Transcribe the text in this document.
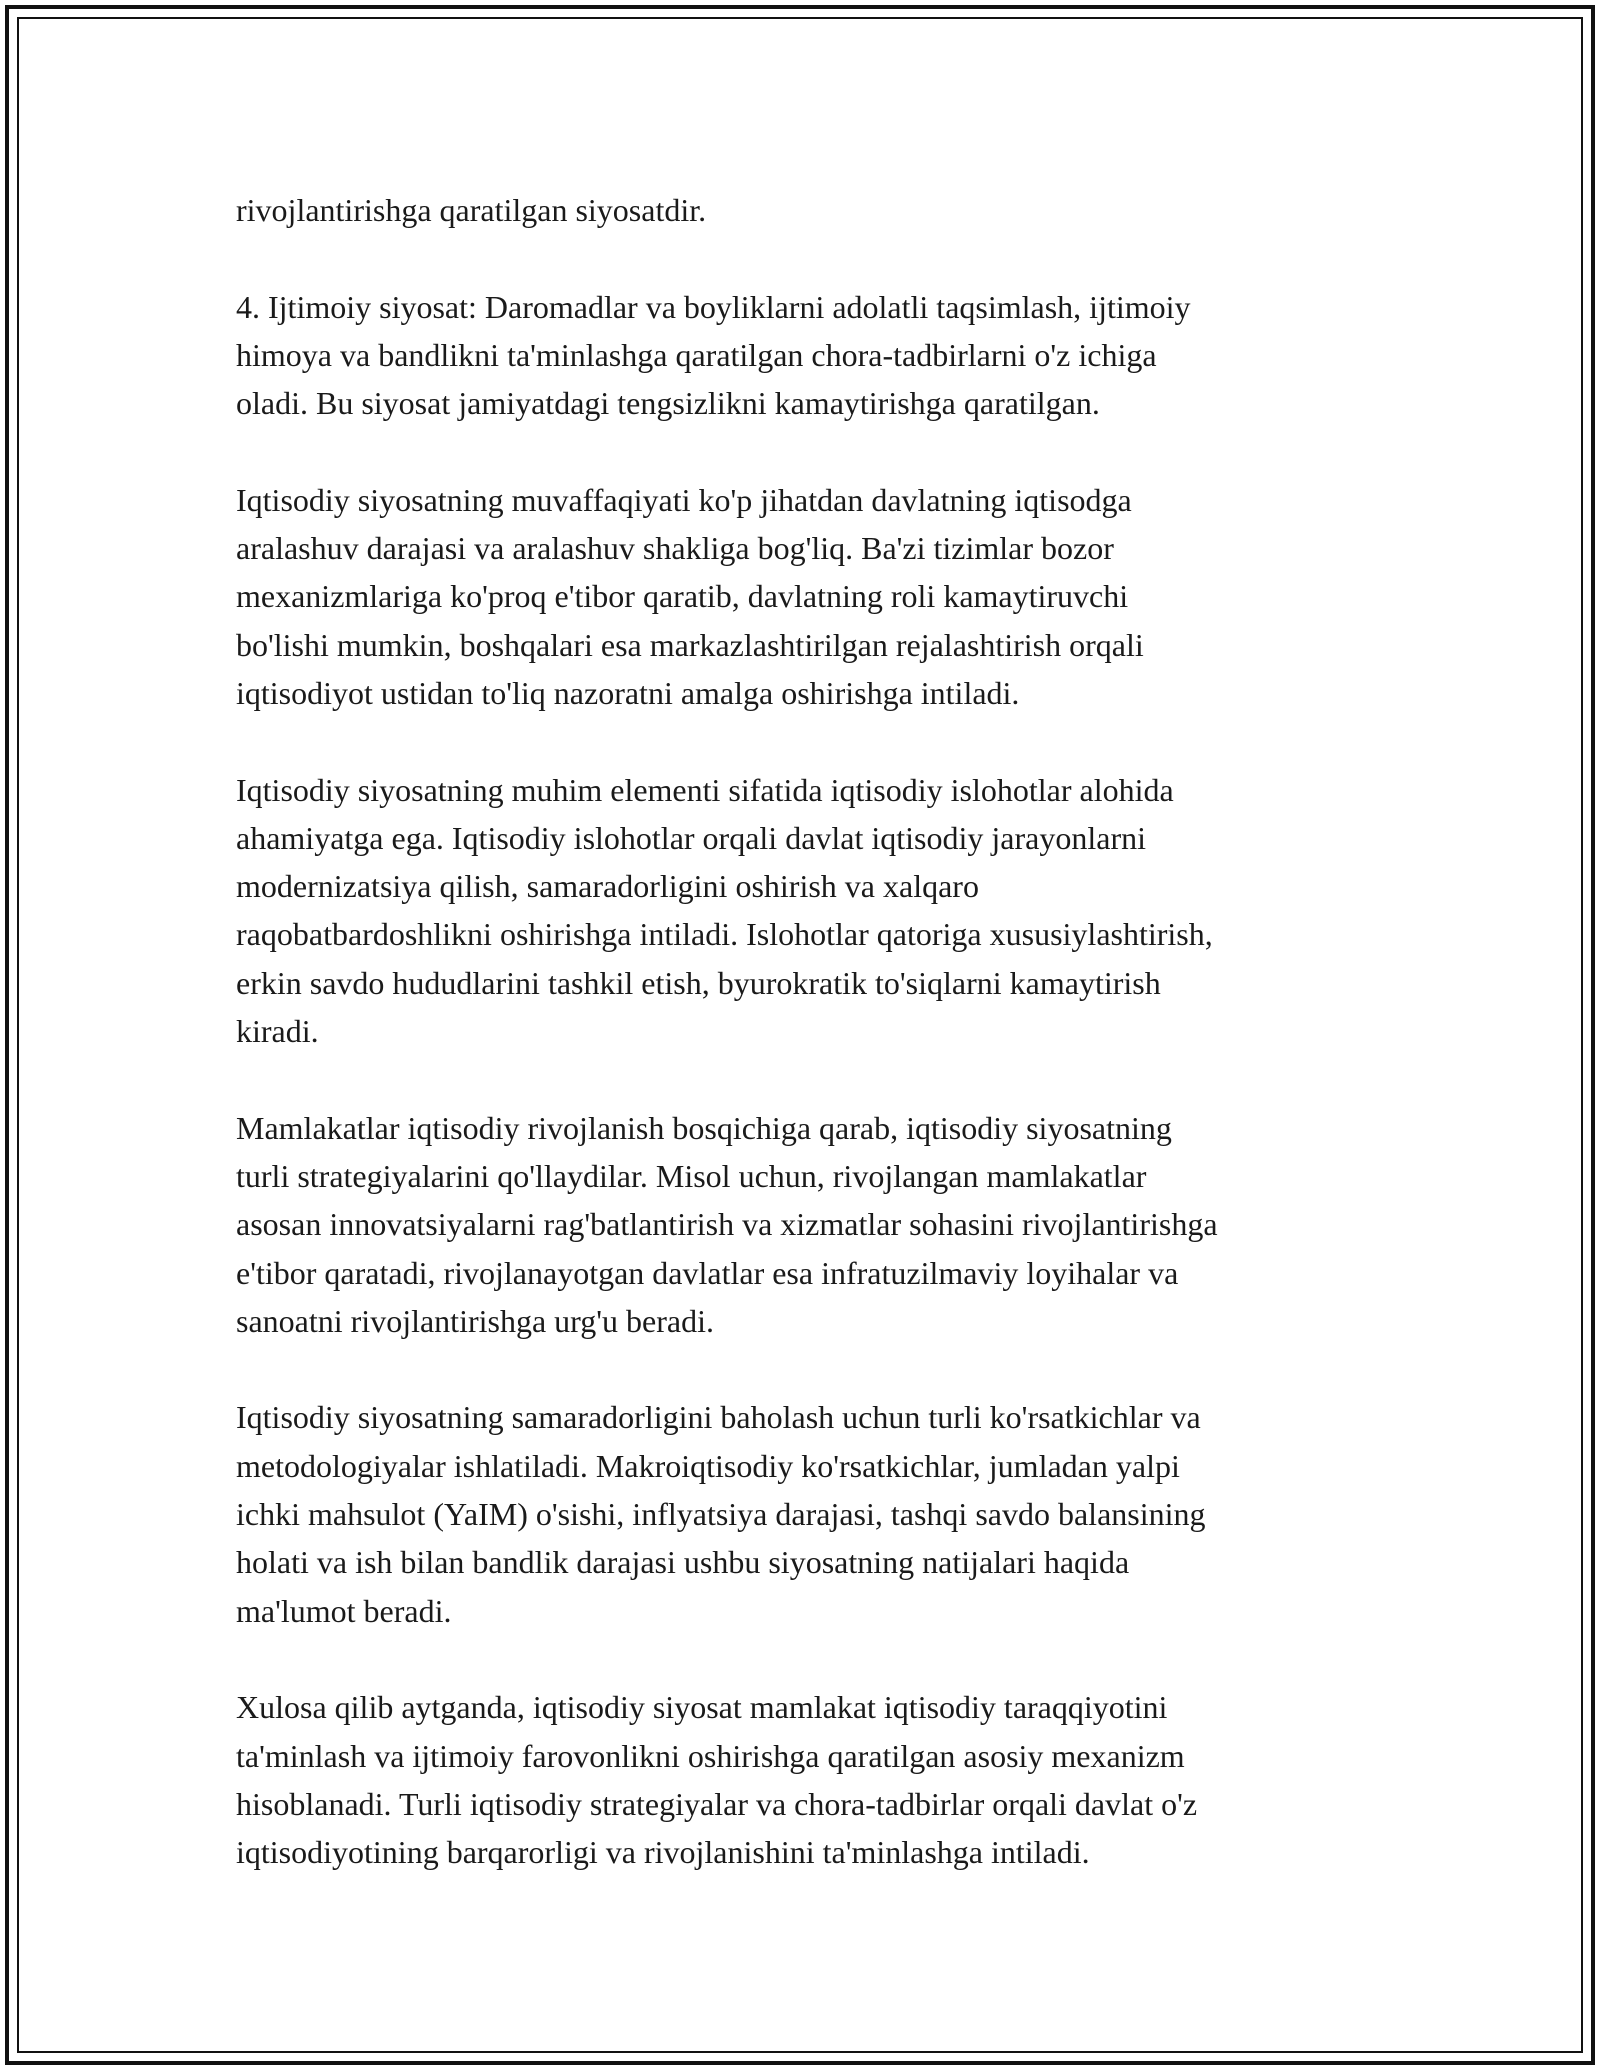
rivojlantirishga qaratilgan siyosatdir.

4. Ijtimoiy siyosat: Daromadlar va boyliklarni adolatli taqsimlash, ijtimoiy
himoya va bandlikni ta'minlashga qaratilgan chora-tadbirlarni o'z ichiga
oladi. Bu siyosat jamiyatdagi tengsizlikni kamaytirishga qaratilgan.

Iqtisodiy siyosatning muvaffaqiyati ko'p jihatdan davlatning iqtisodga
aralashuv darajasi va aralashuv shakliga bog'liq. Ba'zi tizimlar bozor
mexanizmlariga ko'proq e'tibor qaratib, davlatning roli kamaytiruvchi
bo'lishi mumkin, boshqalari esa markazlashtirilgan rejalashtirish orqali
iqtisodiyot ustidan to'liq nazoratni amalga oshirishga intiladi.

Iqtisodiy siyosatning muhim elementi sifatida iqtisodiy islohotlar alohida
ahamiyatga ega. Iqtisodiy islohotlar orqali davlat iqtisodiy jarayonlarni
modernizatsiya qilish, samaradorligini oshirish va xalqaro
raqobatbardoshlikni oshirishga intiladi. Islohotlar qatoriga xususiylashtirish,
erkin savdo hududlarini tashkil etish, byurokratik to'siqlarni kamaytirish
kiradi.

Mamlakatlar iqtisodiy rivojlanish bosqichiga qarab, iqtisodiy siyosatning
turli strategiyalarini qo'llaydilar. Misol uchun, rivojlangan mamlakatlar
asosan innovatsiyalarni rag'batlantirish va xizmatlar sohasini rivojlantirishga
e'tibor qaratadi, rivojlanayotgan davlatlar esa infratuzilmaviy loyihalar va
sanoatni rivojlantirishga urg'u beradi.

Iqtisodiy siyosatning samaradorligini baholash uchun turli ko'rsatkichlar va
metodologiyalar ishlatiladi. Makroiqtisodiy ko'rsatkichlar, jumladan yalpi
ichki mahsulot (YaIM) o'sishi, inflyatsiya darajasi, tashqi savdo balansining
holati va ish bilan bandlik darajasi ushbu siyosatning natijalari haqida
ma'lumot beradi.

Xulosa qilib aytganda, iqtisodiy siyosat mamlakat iqtisodiy taraqqiyotini
ta'minlash va ijtimoiy farovonlikni oshirishga qaratilgan asosiy mexanizm
hisoblanadi. Turli iqtisodiy strategiyalar va chora-tadbirlar orqali davlat o'z
iqtisodiyotining barqarorligi va rivojlanishini ta'minlashga intiladi.
